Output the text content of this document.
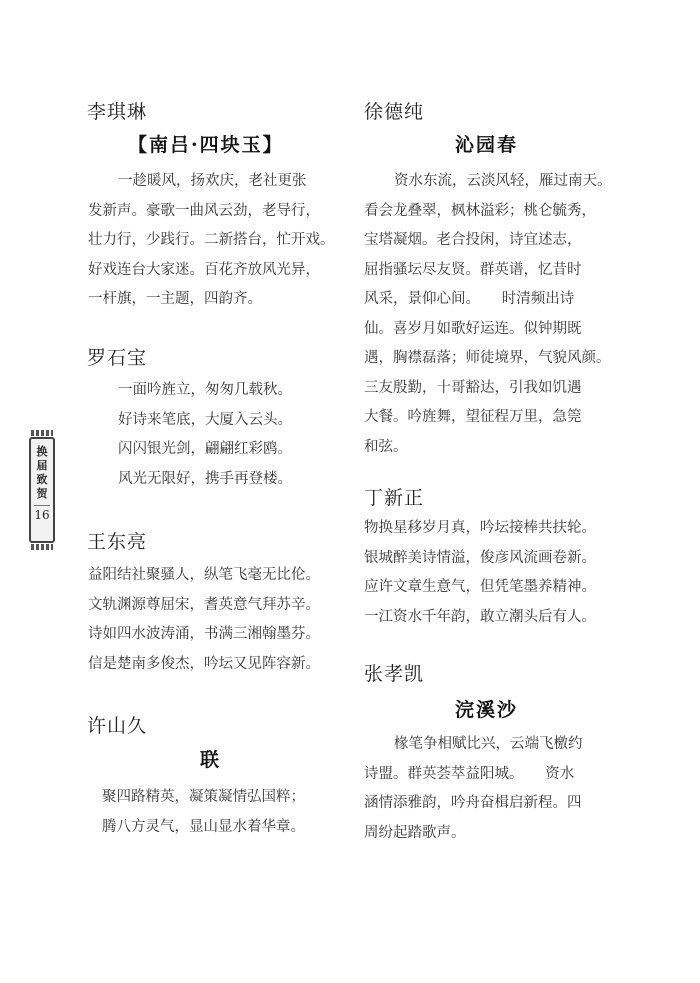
李琪琳
【南吕·四块玉】
一趁暖风，扬欢庆，老社更张
发新声。豪歌一曲风云劲，老导行，
壮力行，少践行。二新搭台，忙开戏。
好戏连台大家迷。百花齐放风光异，
一杆旗，一主题，四韵齐。
罗石宝
一面吟旌立，匆匆几载秋。
好诗来笔底，大厦入云头。
闪闪银光剑，翩翩红彩鸥。
风光无限好，携手再登楼。
王东亮
益阳结社聚骚人，纵笔飞毫无比伦。
文轨渊源尊屈宋，耆英意气拜苏辛。
诗如四水波涛涌，书满三湘翰墨芬。
信是楚南多俊杰，吟坛又见阵容新。
许山久
联
聚四路精英，凝策凝情弘国粹；
腾八方灵气，显山显水着华章。
徐德纯
沁园春
资水东流，云淡风轻，雁过南天。
看会龙叠翠，枫林溢彩；桃仑毓秀，
宝塔凝烟。老合投闲，诗宜述志，
屈指骚坛尽友贤。群英谱，忆昔时
风采，景仰心间。　　时清频出诗
仙。喜岁月如歌好运连。似钟期既
遇，胸襟磊落；师徒境界，气貌风颜。
三友殷勤，十哥豁达，引我如饥遇
大餐。吟旌舞，望征程万里，急筦
和弦。
丁新正
物换星移岁月真，吟坛接棒共扶轮。
银城醉美诗情溢，俊彦风流画卷新。
应许文章生意气，但凭笔墨养精神。
一江资水千年韵，敢立潮头后有人。
张孝凯
浣溪沙
椽笔争相赋比兴，云端飞檄约
诗盟。群英荟萃益阳城。　　资水
涵情添雅韵，吟舟奋楫启新程。四
周纷起踏歌声。
换
届
致
贺
16
